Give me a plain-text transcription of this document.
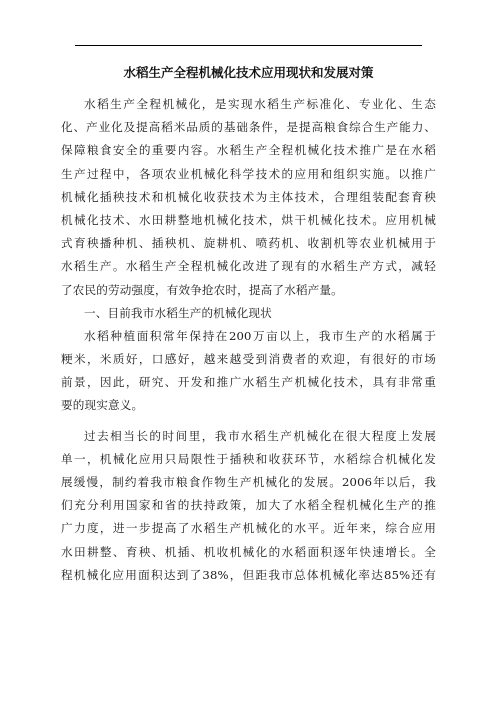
水稻生产全程机械化技术应用现状和发展对策
水稻生产全程机械化，是实现水稻生产标准化、专业化、生态
化、产业化及提高稻米品质的基础条件，是提高粮食综合生产能力、
保障粮食安全的重要内容。水稻生产全程机械化技术推广是在水稻
生产过程中，各项农业机械化科学技术的应用和组织实施。以推广
机械化插秧技术和机械化收获技术为主体技术，合理组装配套育秧
机械化技术、水田耕整地机械化技术，烘干机械化技术。应用机械
式育秧播种机、插秧机、旋耕机、喷药机、收割机等农业机械用于
水稻生产。水稻生产全程机械化改进了现有的水稻生产方式，减轻
了农民的劳动强度，有效争抢农时，提高了水稻产量。
一、目前我市水稻生产的机械化现状
水稻种植面积常年保持在200万亩以上，我市生产的水稻属于
粳米，米质好，口感好，越来越受到消费者的欢迎，有很好的市场
前景，因此，研究、开发和推广水稻生产机械化技术，具有非常重
要的现实意义。
过去相当长的时间里，我市水稻生产机械化在很大程度上发展
单一，机械化应用只局限性于插秧和收获环节，水稻综合机械化发
展缓慢，制约着我市粮食作物生产机械化的发展。2006年以后，我
们充分利用国家和省的扶持政策，加大了水稻全程机械化生产的推
广力度，进一步提高了水稻生产机械化的水平。近年来，综合应用
水田耕整、育秧、机插、机收机械化的水稻面积逐年快速增长。全
程机械化应用面积达到了38%，但距我市总体机械化率达85%还有
